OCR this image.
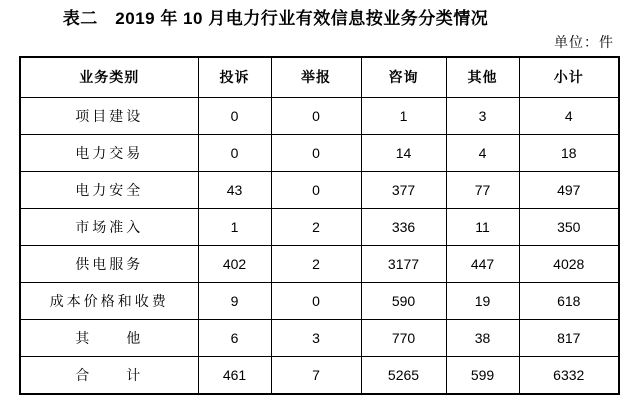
表二　2019 年 10 月电力行业有效信息按业务分类情况
单位：件
业务类别	投诉	举报	咨询	其他	小计
项目建设	0	0	1	3	4
电力交易	0	0	14	4	18
电力安全	43	0	377	77	497
市场准入	1	2	336	11	350
供电服务	402	2	3177	447	4028
成本价格和收费	9	0	590	19	618
其　　他	6	3	770	38	817
合　　计	461	7	5265	599	6332
